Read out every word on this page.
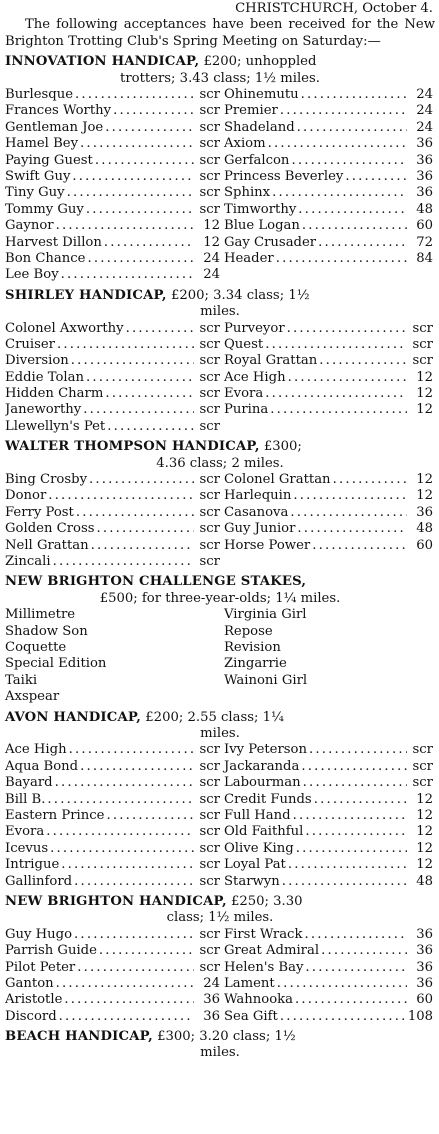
CHRISTCHURCH, October 4.
The following acceptances have been received for the New Brighton Trotting Club's Spring Meeting on Saturday:—
INNOVATION HANDICAP, £200; unhoppled
trotters; 3.43 class; 1½ miles.
Burlesque . . .	scr Ohinemutu . . .	24
Frances Worthy . . .	scr Premier . . .	24
Gentleman Joe . . .	scr Shadeland . . .	24
Hamel Bey . . .	scr Axiom . . .	36
Paying Guest . . .	scr Gerfalcon . . .	36
Swift Guy . . .	scr Princess Beverley . . .	36
Tiny Guy . . .	scr Sphinx . . .	36
Tommy Guy . . .	scr Timworthy . . .	48
Gaynor . . .	12 Blue Logan . . .	60
Harvest Dillon . . .	12 Gay Crusader . . .	72
Bon Chance . . .	24 Header . . .	84
Lee Boy . . .	24
SHIRLEY HANDICAP, £200; 3.34 class; 1½
miles.
Colonel Axworthy . . .	scr Purveyor . . .	scr
Cruiser . . .	scr Quest . . .	scr
Diversion . . .	scr Royal Grattan . . .	scr
Eddie Tolan . . .	scr Ace High . . .	12
Hidden Charm . . .	scr Evora . . .	12
Janeworthy . . .	scr Purina . . .	12
Llewellyn's Pet . . .	scr
WALTER THOMPSON HANDICAP, £300;
4.36 class; 2 miles.
Bing Crosby . . .	scr Colonel Grattan . . .	12
Donor . . .	scr Harlequin . . .	12
Ferry Post . . .	scr Casanova . . .	36
Golden Cross . . .	scr Guy Junior . . .	48
Nell Grattan . . .	scr Horse Power . . .	60
Zincali . . .	scr
NEW BRIGHTON CHALLENGE STAKES,
£500; for three-year-olds; 1¼ miles.
Millimetre	Virginia Girl
Shadow Son	Repose
Coquette	Revision
Special Edition	Zingarrie
Taiki	Wainoni Girl
Axspear
AVON HANDICAP, £200; 2.55 class; 1¼
miles.
Ace High . . .	scr Ivy Peterson . . .	scr
Aqua Bond . . .	scr Jackaranda . . .	scr
Bayard . . .	scr Labourman . . .	scr
Bill B. . . .	scr Credit Funds . . .	12
Eastern Prince . . .	scr Full Hand . . .	12
Evora . . .	scr Old Faithful . . .	12
Icevus . . .	scr Olive King . . .	12
Intrigue . . .	scr Loyal Pat . . .	12
Gallinford . . .	scr Starwyn . . .	48
NEW BRIGHTON HANDICAP, £250; 3.30
class; 1½ miles.
Guy Hugo . . .	scr First Wrack . . .	36
Parrish Guide . . .	scr Great Admiral . . .	36
Pilot Peter . . .	scr Helen's Bay . . .	36
Ganton . . .	24 Lament . . .	36
Aristotle . . .	36 Wahnooka . . .	60
Discord . . .	36 Sea Gift . . .	108
BEACH HANDICAP, £300; 3.20 class; 1½
miles.
